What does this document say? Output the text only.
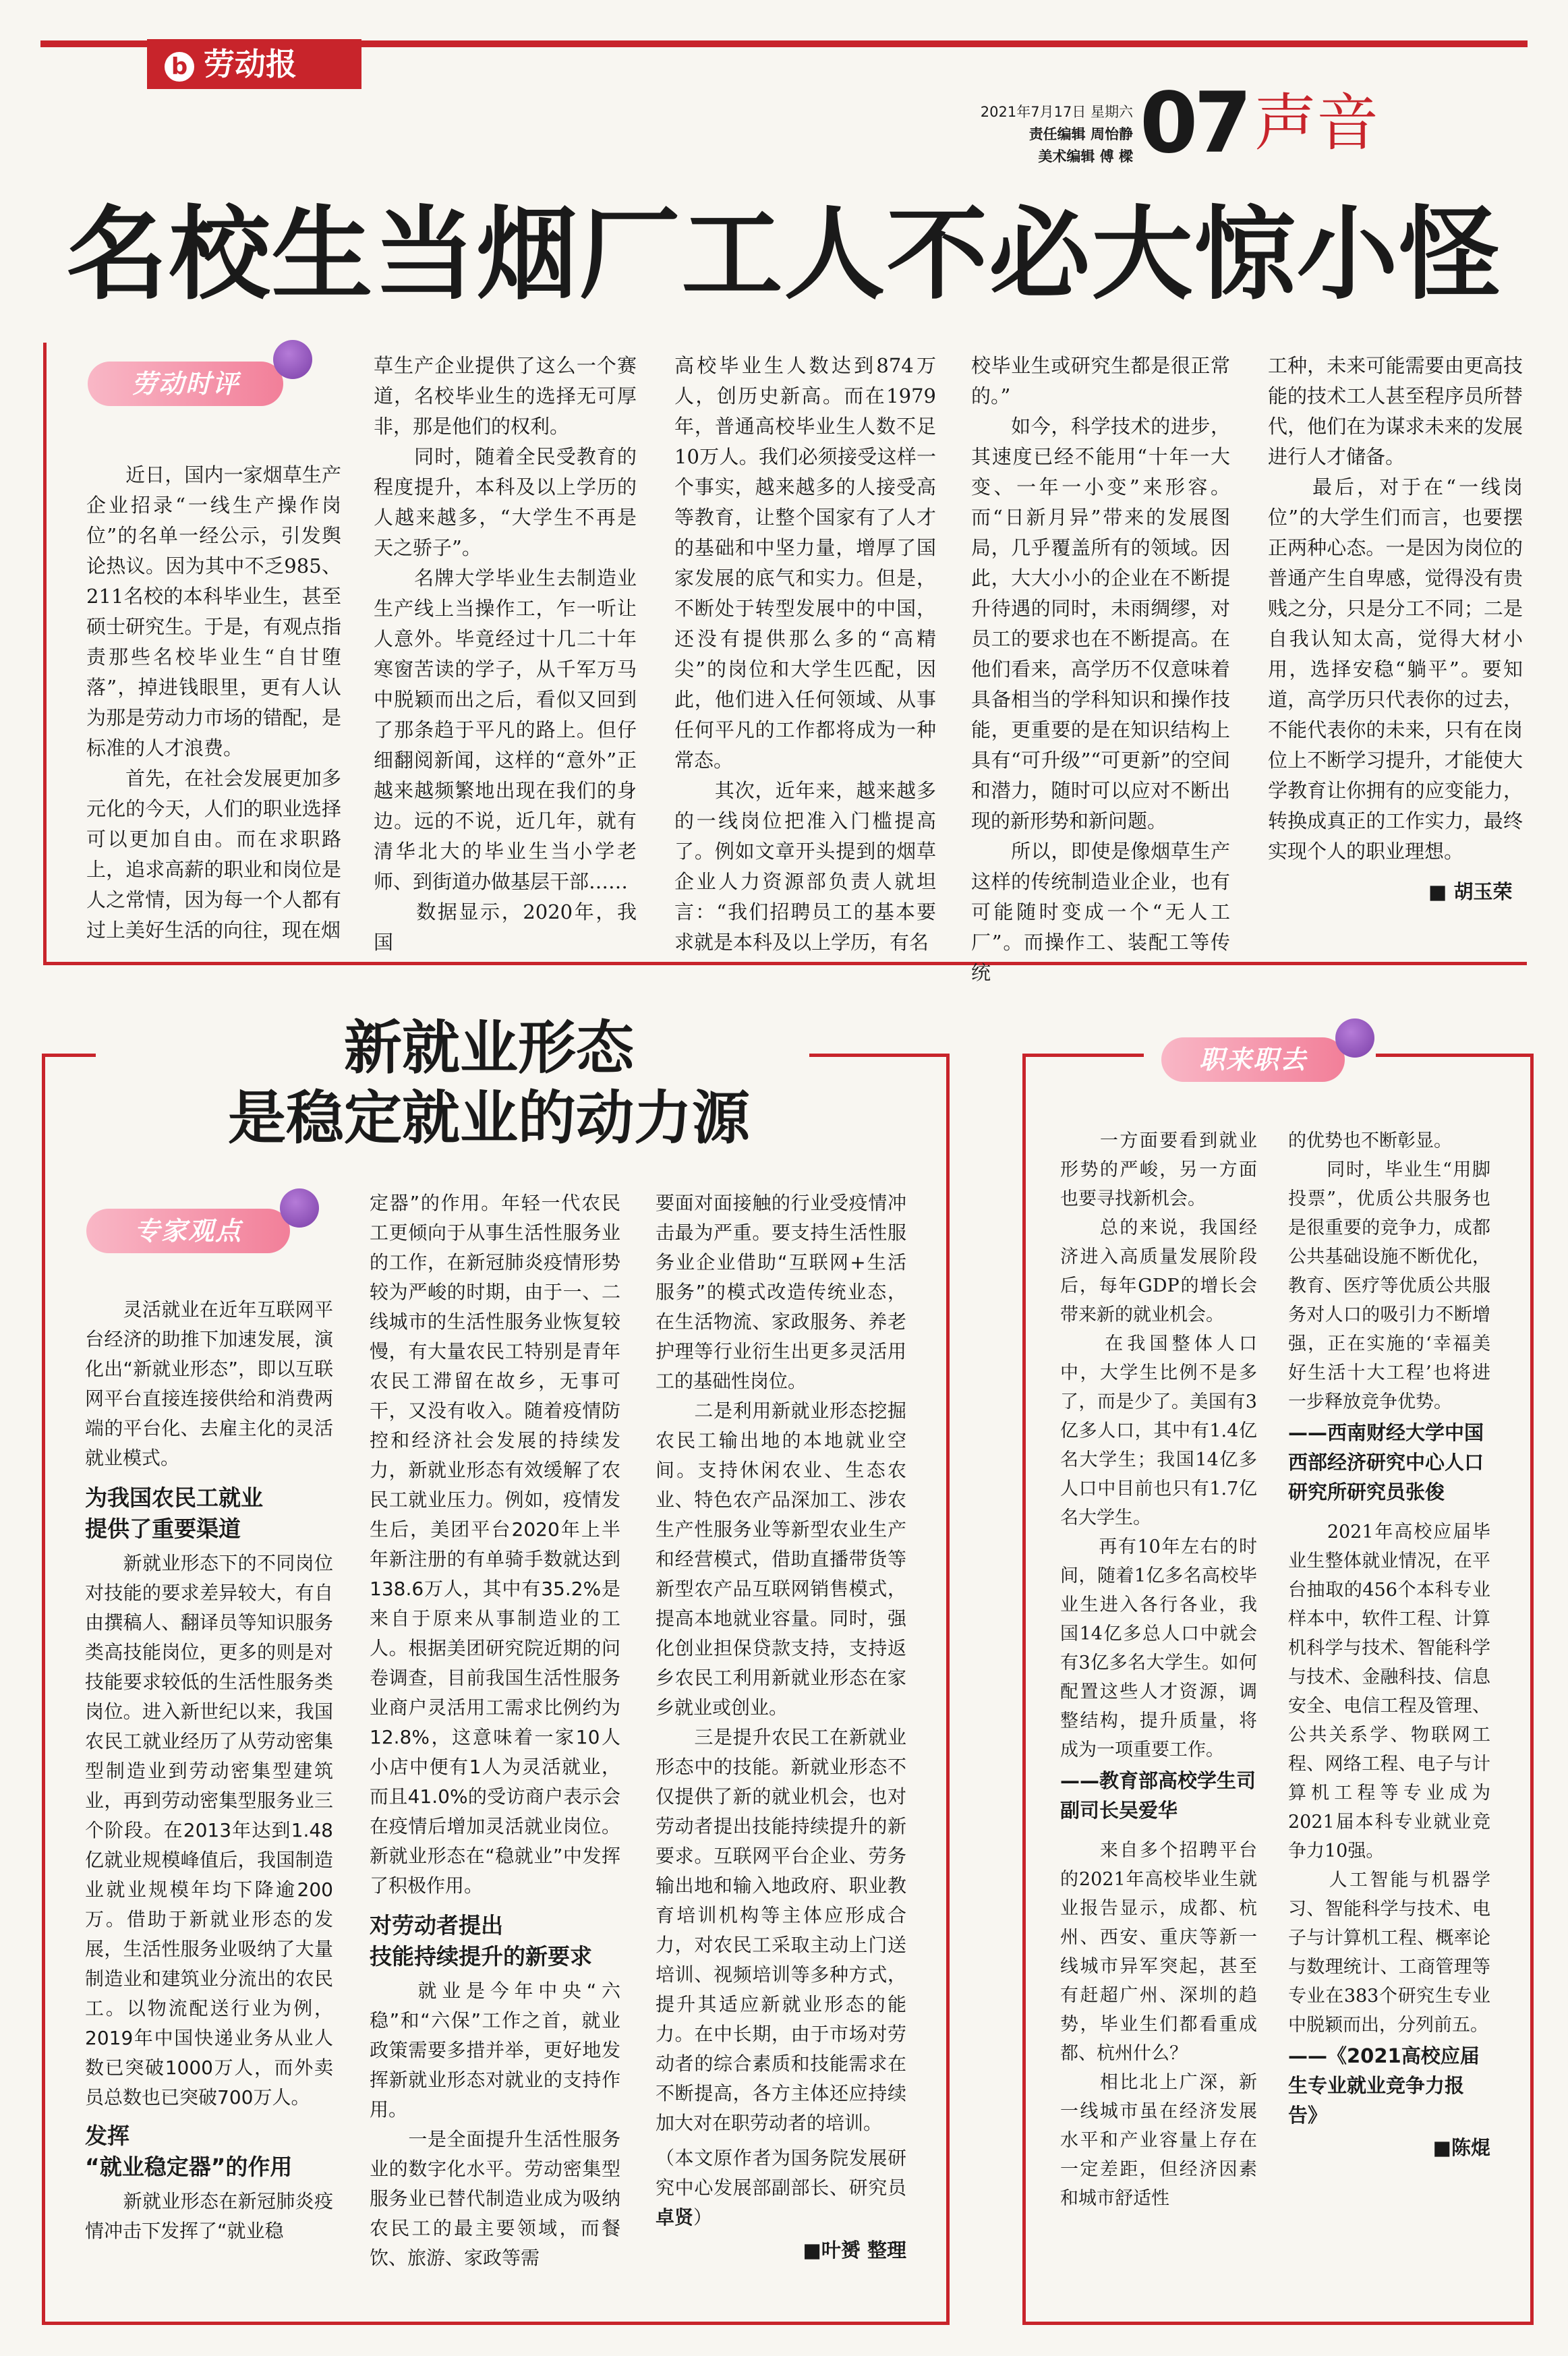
b 劳动报
2021年7月17日 星期六
责任编辑 周怡静
美术编辑 傅 樑 07 声音
名校生当烟厂工人不必大惊小怪
劳动时评
　　近日，国内一家烟草生产企业招录“一线生产操作岗位”的名单一经公示，引发舆论热议。因为其中不乏985、211名校的本科毕业生，甚至硕士研究生。于是，有观点指责那些名校毕业生“自甘堕落”，掉进钱眼里，更有人认为那是劳动力市场的错配，是标准的人才浪费。
　　首先，在社会发展更加多元化的今天，人们的职业选择可以更加自由。而在求职路上，追求高薪的职业和岗位是人之常情，因为每一个人都有过上美好生活的向往，现在烟
草生产企业提供了这么一个赛道，名校毕业生的选择无可厚非，那是他们的权利。
　　同时，随着全民受教育的程度提升，本科及以上学历的人越来越多，“大学生不再是天之骄子”。
　　名牌大学毕业生去制造业生产线上当操作工，乍一听让人意外。毕竟经过十几二十年寒窗苦读的学子，从千军万马中脱颖而出之后，看似又回到了那条趋于平凡的路上。但仔细翻阅新闻，这样的“意外”正越来越频繁地出现在我们的身边。远的不说，近几年，就有清华北大的毕业生当小学老师、到街道办做基层干部……
　　数据显示，2020年，我国
高校毕业生人数达到874万人，创历史新高。而在1979年，普通高校毕业生人数不足10万人。我们必须接受这样一个事实，越来越多的人接受高等教育，让整个国家有了人才的基础和中坚力量，增厚了国家发展的底气和实力。但是，不断处于转型发展中的中国，还没有提供那么多的“高精尖”的岗位和大学生匹配，因此，他们进入任何领域、从事任何平凡的工作都将成为一种常态。
　　其次，近年来，越来越多的一线岗位把准入门槛提高了。例如文章开头提到的烟草企业人力资源部负责人就坦言：“我们招聘员工的基本要求就是本科及以上学历，有名
校毕业生或研究生都是很正常的。”
　　如今，科学技术的进步，其速度已经不能用“十年一大变、一年一小变”来形容。而“日新月异”带来的发展图局，几乎覆盖所有的领域。因此，大大小小的企业在不断提升待遇的同时，未雨绸缪，对员工的要求也在不断提高。在他们看来，高学历不仅意味着具备相当的学科知识和操作技能，更重要的是在知识结构上具有“可升级”“可更新”的空间和潜力，随时可以应对不断出现的新形势和新问题。
　　所以，即使是像烟草生产这样的传统制造业企业，也有可能随时变成一个“无人工厂”。而操作工、装配工等传统
工种，未来可能需要由更高技能的技术工人甚至程序员所替代，他们在为谋求未来的发展进行人才储备。
　　最后，对于在“一线岗位”的大学生们而言，也要摆正两种心态。一是因为岗位的普通产生自卑感，觉得没有贵贱之分，只是分工不同；二是自我认知太高，觉得大材小用，选择安稳“躺平”。要知道，高学历只代表你的过去，不能代表你的未来，只有在岗位上不断学习提升，才能使大学教育让你拥有的应变能力，转换成真正的工作实力，最终实现个人的职业理想。
■ 胡玉荣
新就业形态
是稳定就业的动力源
专家观点
　　灵活就业在近年互联网平台经济的助推下加速发展，演化出“新就业形态”，即以互联网平台直接连接供给和消费两端的平台化、去雇主化的灵活就业模式。
为我国农民工就业
提供了重要渠道
　　新就业形态下的不同岗位对技能的要求差异较大，有自由撰稿人、翻译员等知识服务类高技能岗位，更多的则是对技能要求较低的生活性服务类岗位。进入新世纪以来，我国农民工就业经历了从劳动密集型制造业到劳动密集型建筑业，再到劳动密集型服务业三个阶段。在2013年达到1.48亿就业规模峰值后，我国制造业就业规模年均下降逾200万。借助于新就业形态的发展，生活性服务业吸纳了大量制造业和建筑业分流出的农民工。以物流配送行业为例，2019年中国快递业务从业人数已突破1000万人，而外卖员总数也已突破700万人。
发挥
“就业稳定器”的作用
　　新就业形态在新冠肺炎疫情冲击下发挥了“就业稳
定器”的作用。年轻一代农民工更倾向于从事生活性服务业的工作，在新冠肺炎疫情形势较为严峻的时期，由于一、二线城市的生活性服务业恢复较慢，有大量农民工特别是青年农民工滞留在故乡，无事可干，又没有收入。随着疫情防控和经济社会发展的持续发力，新就业形态有效缓解了农民工就业压力。例如，疫情发生后，美团平台2020年上半年新注册的有单骑手数就达到138.6万人，其中有35.2%是来自于原来从事制造业的工人。根据美团研究院近期的问卷调查，目前我国生活性服务业商户灵活用工需求比例约为12.8%，这意味着一家10人小店中便有1人为灵活就业，而且41.0%的受访商户表示会在疫情后增加灵活就业岗位。新就业形态在“稳就业”中发挥了积极作用。
对劳动者提出
技能持续提升的新要求
　　就业是今年中央“六稳”和“六保”工作之首，就业政策需要多措并举，更好地发挥新就业形态对就业的支持作用。
　　一是全面提升生活性服务业的数字化水平。劳动密集型服务业已替代制造业成为吸纳农民工的最主要领域，而餐饮、旅游、家政等需
要面对面接触的行业受疫情冲击最为严重。要支持生活性服务业企业借助“互联网+生活服务”的模式改造传统业态，在生活物流、家政服务、养老护理等行业衍生出更多灵活用工的基础性岗位。
　　二是利用新就业形态挖掘农民工输出地的本地就业空间。支持休闲农业、生态农业、特色农产品深加工、涉农生产性服务业等新型农业生产和经营模式，借助直播带货等新型农产品互联网销售模式，提高本地就业容量。同时，强化创业担保贷款支持，支持返乡农民工利用新就业形态在家乡就业或创业。
　　三是提升农民工在新就业形态中的技能。新就业形态不仅提供了新的就业机会，也对劳动者提出技能持续提升的新要求。互联网平台企业、劳务输出地和输入地政府、职业教育培训机构等主体应形成合力，对农民工采取主动上门送培训、视频培训等多种方式，提升其适应新就业形态的能力。在中长期，由于市场对劳动者的综合素质和技能需求在不断提高，各方主体还应持续加大对在职劳动者的培训。
（本文原作者为国务院发展研究中心发展部副部长、研究员 卓贤）
■叶赟 整理
职来职去
　　一方面要看到就业形势的严峻，另一方面也要寻找新机会。
　　总的来说，我国经济进入高质量发展阶段后，每年GDP的增长会带来新的就业机会。
　　在我国整体人口中，大学生比例不是多了，而是少了。美国有3亿多人口，其中有1.4亿名大学生；我国14亿多人口中目前也只有1.7亿名大学生。
　　再有10年左右的时间，随着1亿多名高校毕业生进入各行各业，我国14亿多总人口中就会有3亿多名大学生。如何配置这些人才资源，调整结构，提升质量，将成为一项重要工作。
——教育部高校学生司副司长吴爱华
　　来自多个招聘平台的2021年高校毕业生就业报告显示，成都、杭州、西安、重庆等新一线城市异军突起，甚至有赶超广州、深圳的趋势，毕业生们都看重成都、杭州什么？
　　相比北上广深，新一线城市虽在经济发展水平和产业容量上存在一定差距，但经济因素和城市舒适性
的优势也不断彰显。
　　同时，毕业生“用脚投票”，优质公共服务也是很重要的竞争力，成都公共基础设施不断优化，教育、医疗等优质公共服务对人口的吸引力不断增强，正在实施的‘幸福美好生活十大工程’也将进一步释放竞争优势。
——西南财经大学中国西部经济研究中心人口研究所研究员张俊
　　2021年高校应届毕业生整体就业情况，在平台抽取的456个本科专业样本中，软件工程、计算机科学与技术、智能科学与技术、金融科技、信息安全、电信工程及管理、公共关系学、物联网工程、网络工程、电子与计算机工程等专业成为2021届本科专业就业竞争力10强。
　　人工智能与机器学习、智能科学与技术、电子与计算机工程、概率论与数理统计、工商管理等专业在383个研究生专业中脱颖而出，分列前五。
——《2021高校应届生专业就业竞争力报告》
■陈焜
